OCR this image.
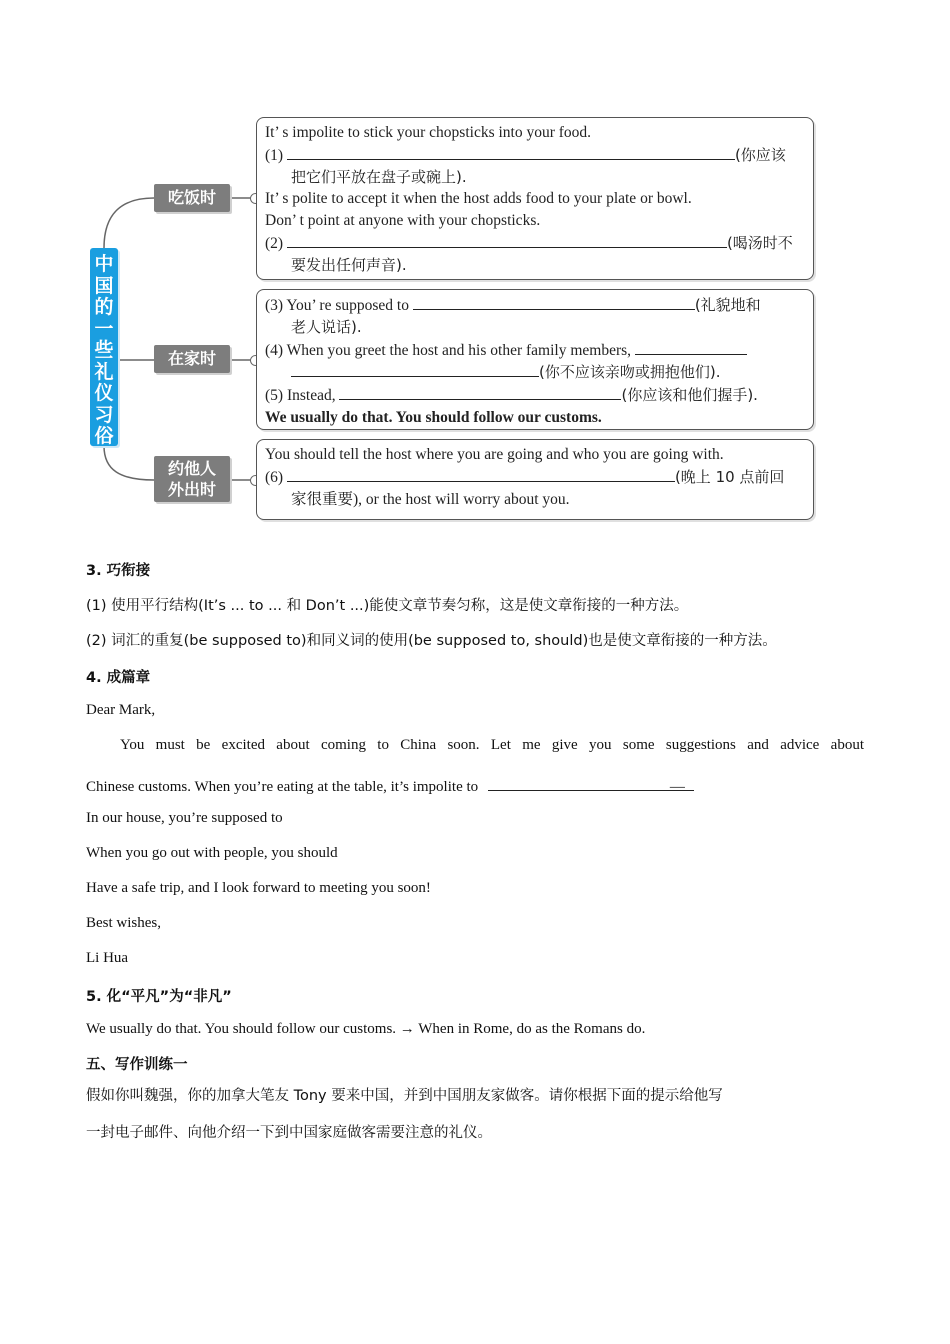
中国的一些礼仪习俗
吃饭时
在家时
约他人
外出时
It’ s impolite to stick your chopsticks into your food.
(1)	(你应该
把它们平放在盘子或碗上).
It’ s polite to accept it when the host adds food to your plate or bowl.
Don’ t point at anyone with your chopsticks.
(2)	(喝汤时不
要发出任何声音).
(3) You’ re supposed to	(礼貌地和
老人说话).
(4) When you greet the host and his other family members,
(你不应该亲吻或拥抱他们).
(5) Instead,	(你应该和他们握手).
We usually do that. You should follow our customs.
You should tell the host where you are going and who you are going with.
(6)	(晚上 10 点前回
家很重要), or the host will worry about you.
3. 巧衔接
(1) 使用平行结构(It’s ... to ... 和 Don’t ...)能使文章节奏匀称，这是使文章衔接的一种方法。
(2) 词汇的重复(be supposed to)和同义词的使用(be supposed to, should)也是使文章衔接的一种方法。
4. 成篇章
Dear Mark,
You must be excited about coming to China soon. Let me give you some suggestions and advice about
Chinese customs. When you’re eating at the table, it’s impolite to	—
In our house, you’re supposed to
When you go out with people, you should
Have a safe trip, and I look forward to meeting you soon!
Best wishes,
Li Hua
5. 化“平凡”为“非凡”
We usually do that. You should follow our customs. → When in Rome, do as the Romans do.
五、写作训练一
假如你叫魏强，你的加拿大笔友 Tony 要来中国，并到中国朋友家做客。请你根据下面的提示给他写
一封电子邮件、向他介绍一下到中国家庭做客需要注意的礼仪。
